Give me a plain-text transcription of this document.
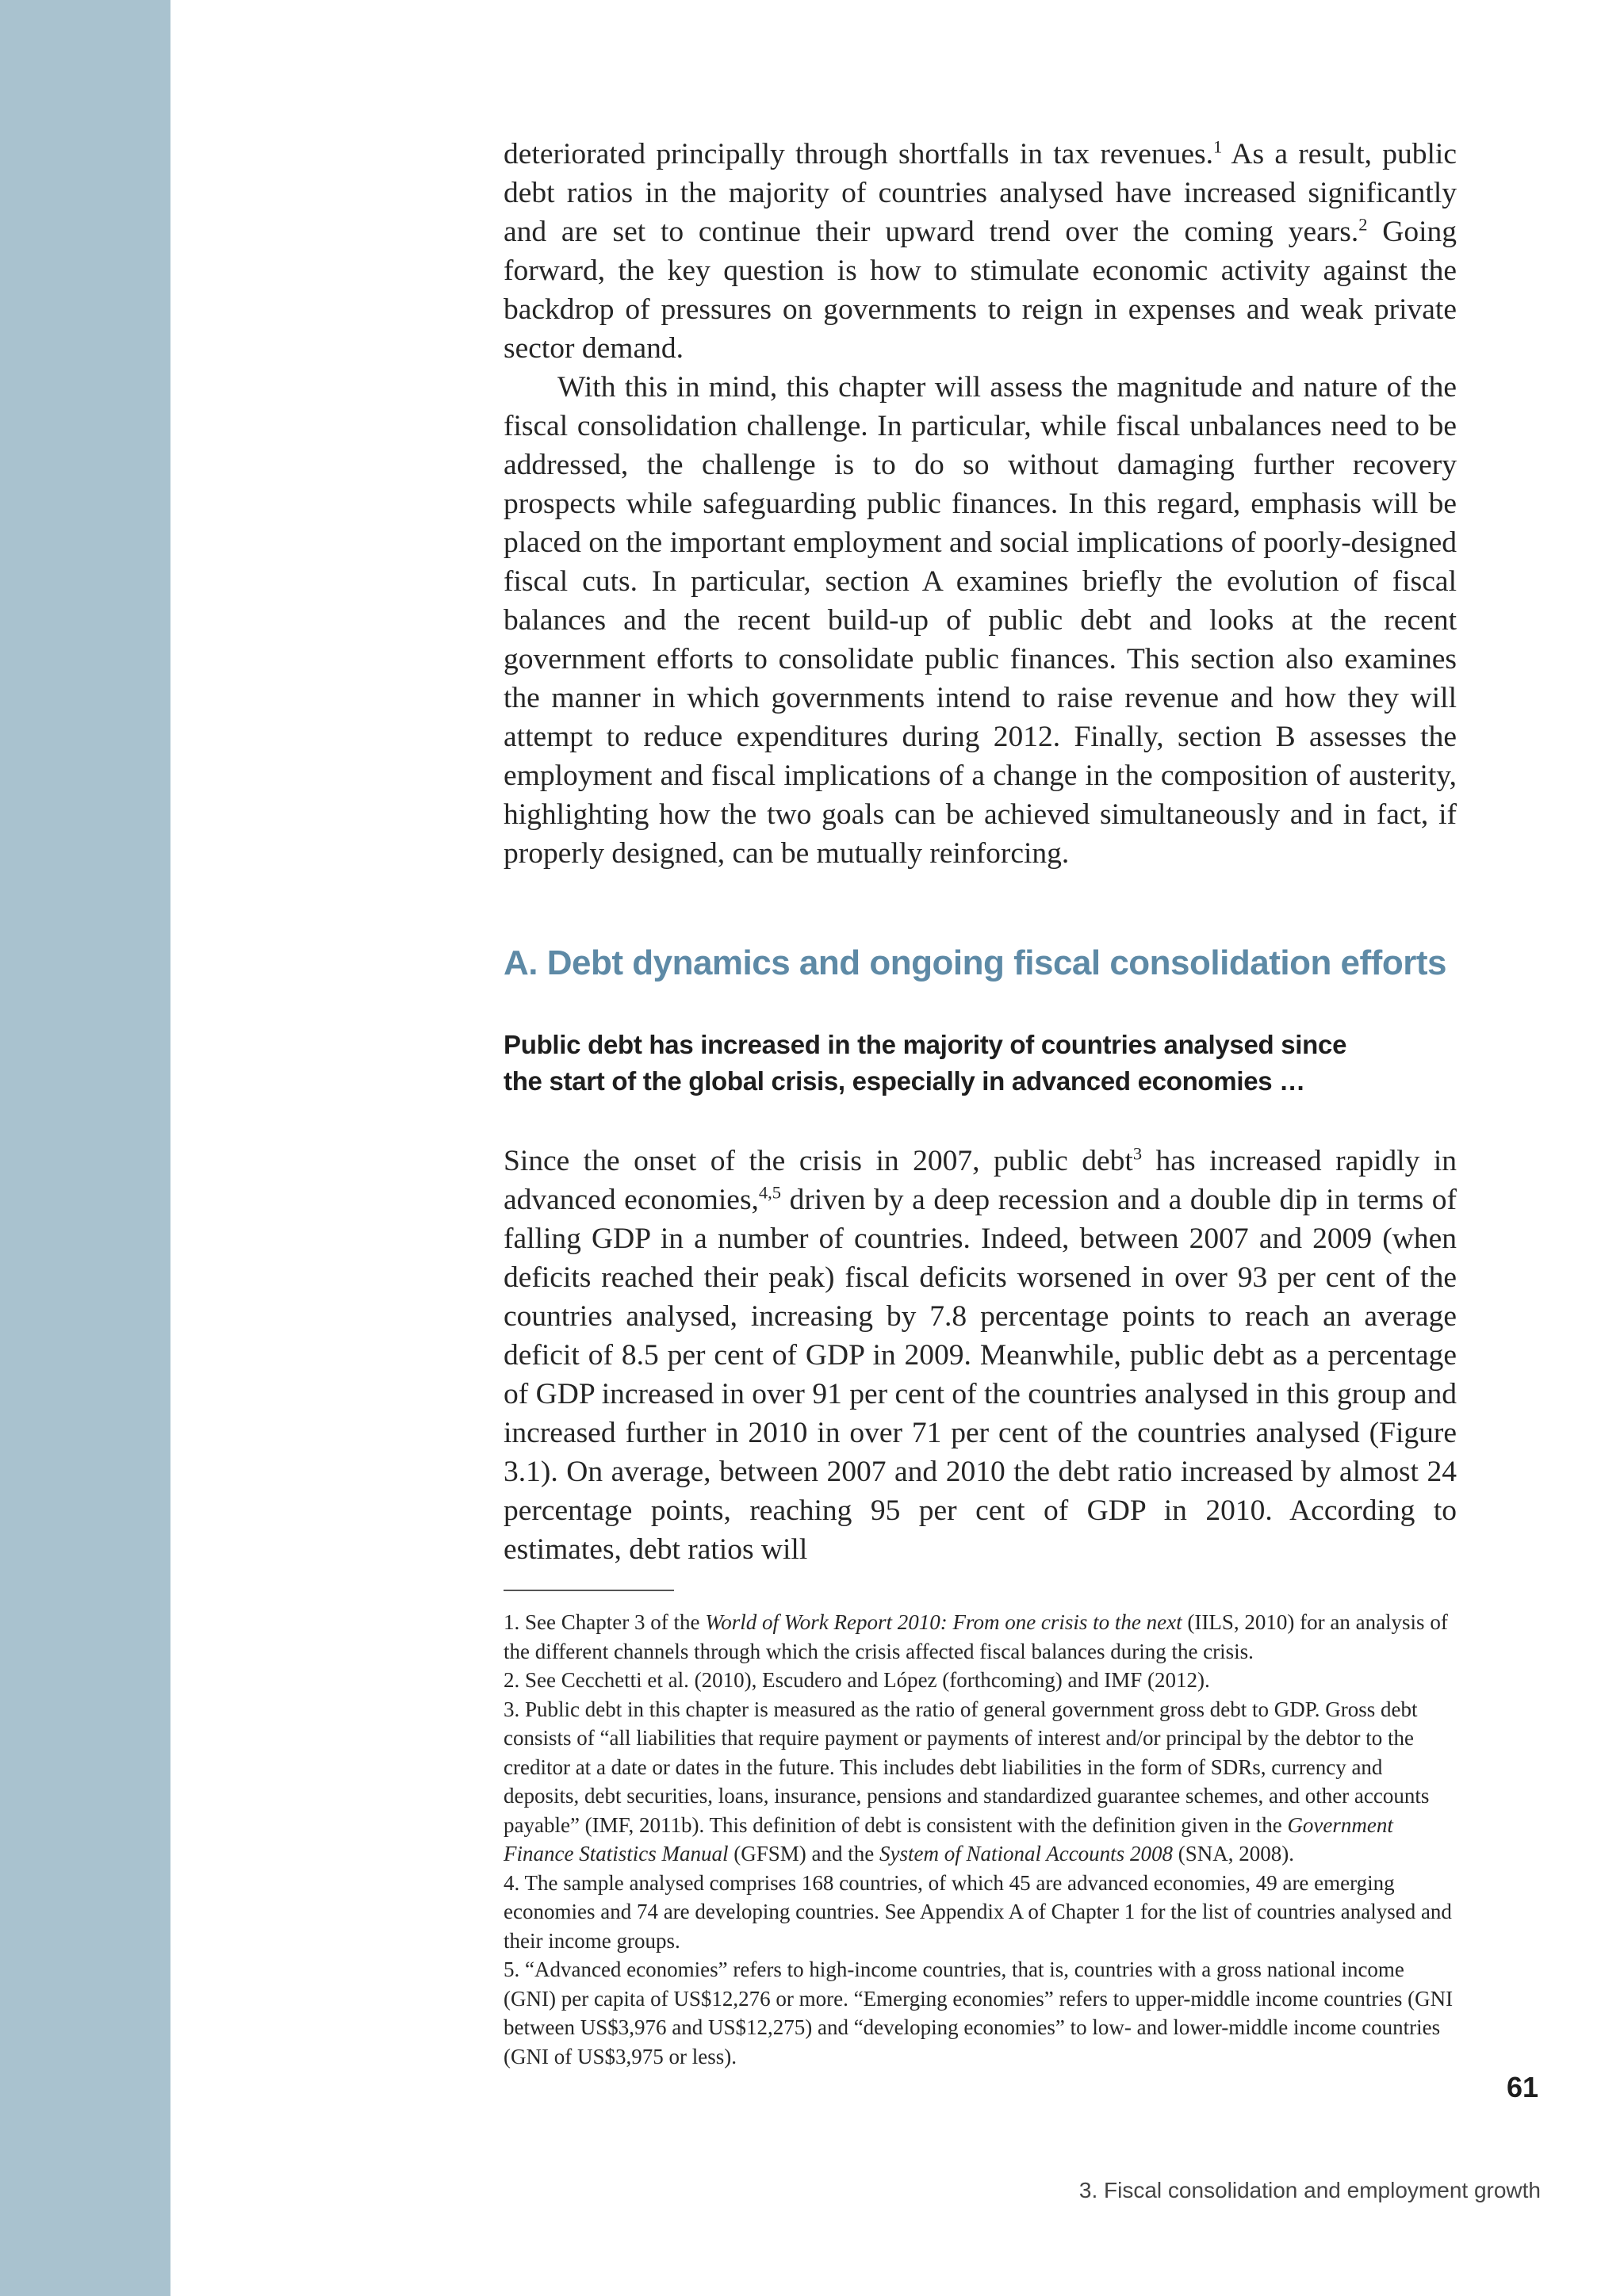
deteriorated principally through shortfalls in tax revenues.$^1$ As a result, public debt ratios in the majority of countries analysed have increased significantly and are set to continue their upward trend over the coming years.$^2$ Going forward, the key question is how to stimulate economic activity against the backdrop of pressures on governments to reign in expenses and weak private sector demand.

With this in mind, this chapter will assess the magnitude and nature of the fiscal consolidation challenge. In particular, while fiscal unbalances need to be addressed, the challenge is to do so without damaging further recovery prospects while safeguarding public finances. In this regard, emphasis will be placed on the important employment and social implications of poorly-designed fiscal cuts. In particular, section A examines briefly the evolution of fiscal balances and the recent build-up of public debt and looks at the recent government efforts to consolidate public finances. This section also examines the manner in which governments intend to raise revenue and how they will attempt to reduce expenditures during 2012. Finally, section B assesses the employment and fiscal implications of a change in the composition of austerity, highlighting how the two goals can be achieved simultaneously and in fact, if properly designed, can be mutually reinforcing.

A. Debt dynamics and ongoing fiscal consolidation efforts
Public debt has increased in the majority of countries analysed since
the start of the global crisis, especially in advanced economies …

Since the onset of the crisis in 2007, public debt$^3$ has increased rapidly in advanced economies,$^{4,5}$ driven by a deep recession and a double dip in terms of falling GDP in a number of countries. Indeed, between 2007 and 2009 (when deficits reached their peak) fiscal deficits worsened in over 93 per cent of the countries analysed, increasing by 7.8 percentage points to reach an average deficit of 8.5 per cent of GDP in 2009. Meanwhile, public debt as a percentage of GDP increased in over 91 per cent of the countries analysed in this group and increased further in 2010 in over 71 per cent of the countries analysed (Figure 3.1). On average, between 2007 and 2010 the debt ratio increased by almost 24 percentage points, reaching 95 per cent of GDP in 2010. According to estimates, debt ratios will

1. See Chapter 3 of the World of Work Report 2010: From one crisis to the next (IILS, 2010) for an analysis of the different channels through which the crisis affected fiscal balances during the crisis.

2. See Cecchetti et al. (2010), Escudero and López (forthcoming) and IMF (2012).

3. Public debt in this chapter is measured as the ratio of general government gross debt to GDP. Gross debt consists of “all liabilities that require payment or payments of interest and/or principal by the debtor to the creditor at a date or dates in the future. This includes debt liabilities in the form of SDRs, currency and deposits, debt securities, loans, insurance, pensions and standardized guarantee schemes, and other accounts payable” (IMF, 2011b). This definition of debt is consistent with the definition given in the Government Finance Statistics Manual (GFSM) and the System of National Accounts 2008 (SNA, 2008).

4. The sample analysed comprises 168 countries, of which 45 are advanced economies, 49 are emerging economies and 74 are developing countries. See Appendix A of Chapter 1 for the list of countries analysed and their income groups.

5. “Advanced economies” refers to high-income countries, that is, countries with a gross national income (GNI) per capita of US$12,276 or more. “Emerging economies” refers to upper-middle income countries (GNI between US$3,976 and US$12,275) and “developing economies” to low- and lower-middle income countries (GNI of US$3,975 or less).

61
3. Fiscal consolidation and employment growth
